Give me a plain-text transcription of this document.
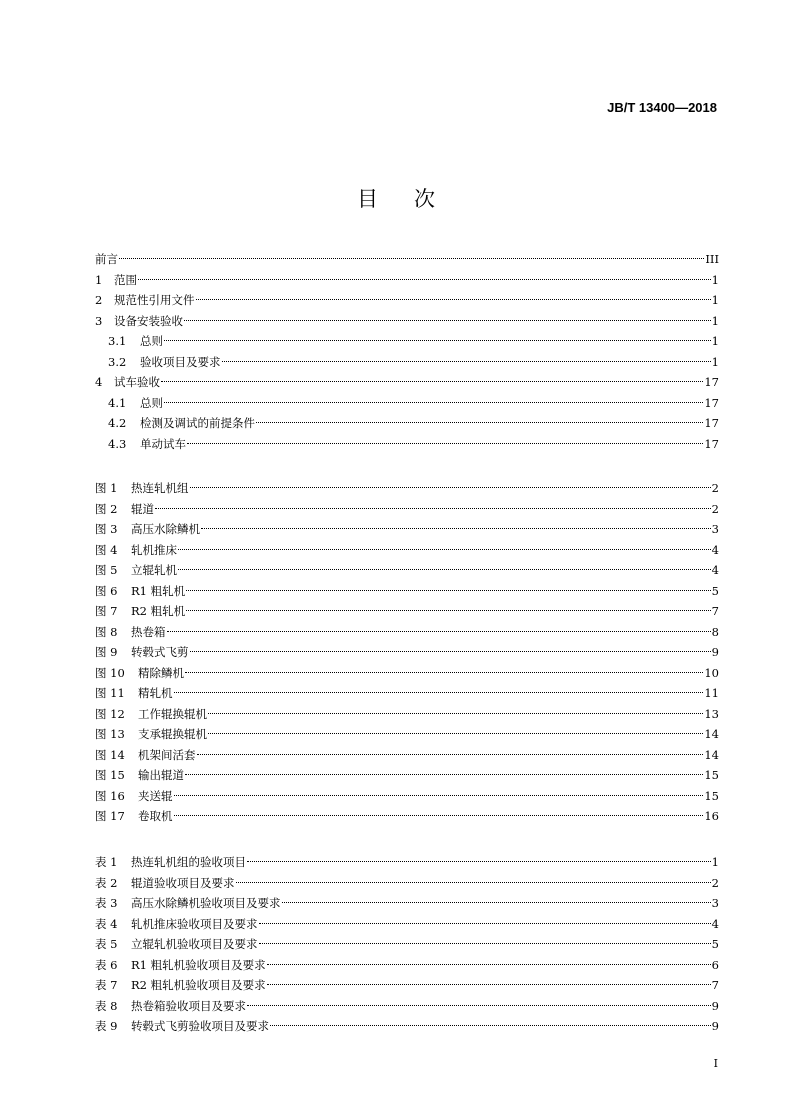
JB/T 13400—2018
目次
前言	III
1	范围	1
2	规范性引用文件	1
3	设备安装验收	1
3.1	总则	1
3.2	验收项目及要求	1
4	试车验收	17
4.1	总则	17
4.2	检测及调试的前提条件	17
4.3	单动试车	17
图 1	热连轧机组	2
图 2	辊道	2
图 3	高压水除鳞机	3
图 4	轧机推床	4
图 5	立辊轧机	4
图 6	R1 粗轧机	5
图 7	R2 粗轧机	7
图 8	热卷箱	8
图 9	转毂式飞剪	9
图 10	精除鳞机	10
图 11	精轧机	11
图 12	工作辊换辊机	13
图 13	支承辊换辊机	14
图 14	机架间活套	14
图 15	输出辊道	15
图 16	夹送辊	15
图 17	卷取机	16
表 1	热连轧机组的验收项目	1
表 2	辊道验收项目及要求	2
表 3	高压水除鳞机验收项目及要求	3
表 4	轧机推床验收项目及要求	4
表 5	立辊轧机验收项目及要求	5
表 6	R1 粗轧机验收项目及要求	6
表 7	R2 粗轧机验收项目及要求	7
表 8	热卷箱验收项目及要求	9
表 9	转毂式飞剪验收项目及要求	9
I
